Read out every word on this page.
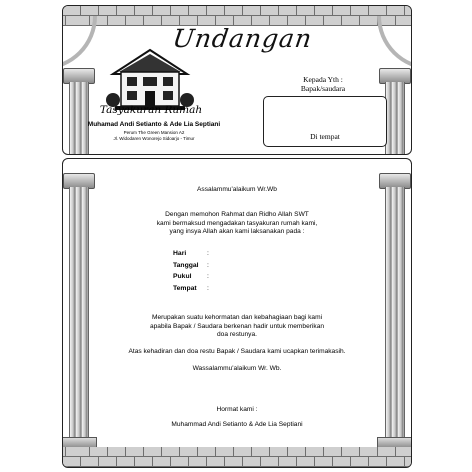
Undangan
Tasyakuran Rumah
Muhamad Andi Setianto & Ade Lia Septiani
Perum The Green Mansion A2
Jl. Widodaren Wonorejo Sidoarjo - Timur
Kepada Yth :
Bapak/saudara
Di tempat
Assalammu'alaikum Wr.Wb
Dengan memohon Rahmat dan Ridho Allah SWT
kami bermaksud mengadakan tasyakuran rumah kami,
yang insya Allah akan kami laksanakan pada :
Hari	:
Tanggal	:
Pukul	:
Tempat	:
Merupakan suatu kehormatan dan kebahagiaan bagi kami
apabila Bapak / Saudara berkenan hadir untuk memberikan
doa restunya.
Atas kehadiran dan doa restu Bapak / Saudara kami ucapkan terimakasih.
Wassalammu'alaikum Wr. Wb.
Hormat kami :
Muhammad Andi Setianto & Ade Lia Septiani
